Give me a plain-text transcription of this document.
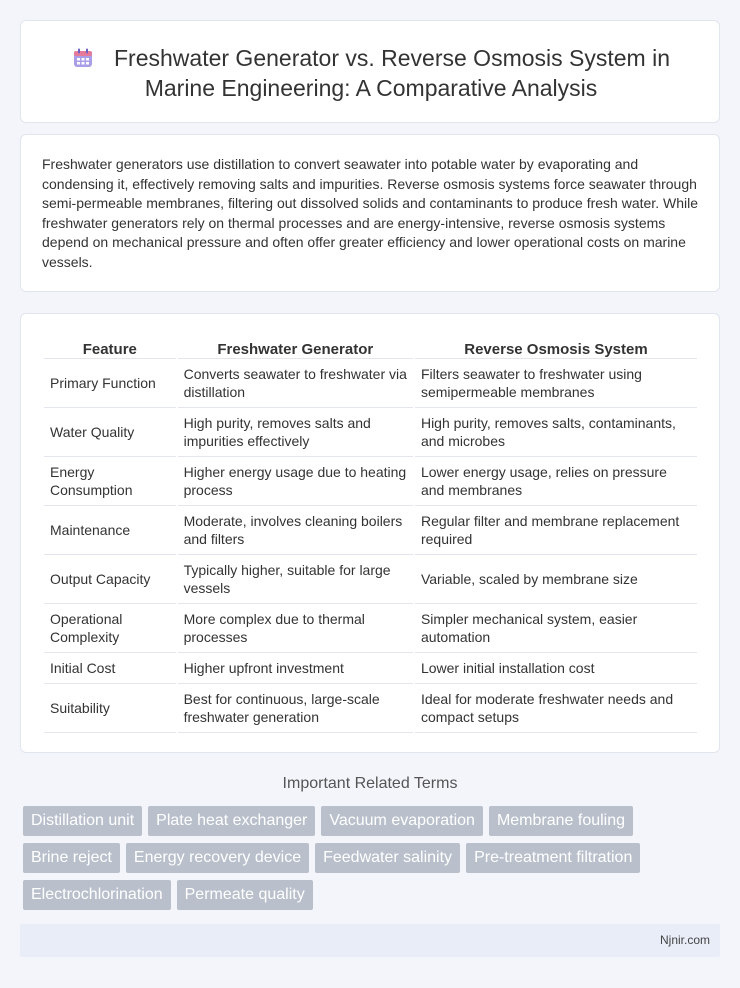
Freshwater Generator vs. Reverse Osmosis System in Marine Engineering: A Comparative Analysis

Freshwater generators use distillation to convert seawater into potable water by evaporating and condensing it, effectively removing salts and impurities. Reverse osmosis systems force seawater through semi-permeable membranes, filtering out dissolved solids and contaminants to produce fresh water. While freshwater generators rely on thermal processes and are energy-intensive, reverse osmosis systems depend on mechanical pressure and often offer greater efficiency and lower operational costs on marine vessels.

Feature	Freshwater Generator	Reverse Osmosis System
Primary Function	Converts seawater to freshwater via distillation	Filters seawater to freshwater using semipermeable membranes
Water Quality	High purity, removes salts and impurities effectively	High purity, removes salts, contaminants, and microbes
Energy Consumption	Higher energy usage due to heating process	Lower energy usage, relies on pressure and membranes
Maintenance	Moderate, involves cleaning boilers and filters	Regular filter and membrane replacement required
Output Capacity	Typically higher, suitable for large vessels	Variable, scaled by membrane size
Operational Complexity	More complex due to thermal processes	Simpler mechanical system, easier automation
Initial Cost	Higher upfront investment	Lower initial installation cost
Suitability	Best for continuous, large-scale freshwater generation	Ideal for moderate freshwater needs and compact setups
Important Related Terms
Distillation unit	Plate heat exchanger	Vacuum evaporation	Membrane fouling
Brine reject	Energy recovery device	Feedwater salinity	Pre-treatment filtration
Electrochlorination	Permeate quality
Njnir.com
